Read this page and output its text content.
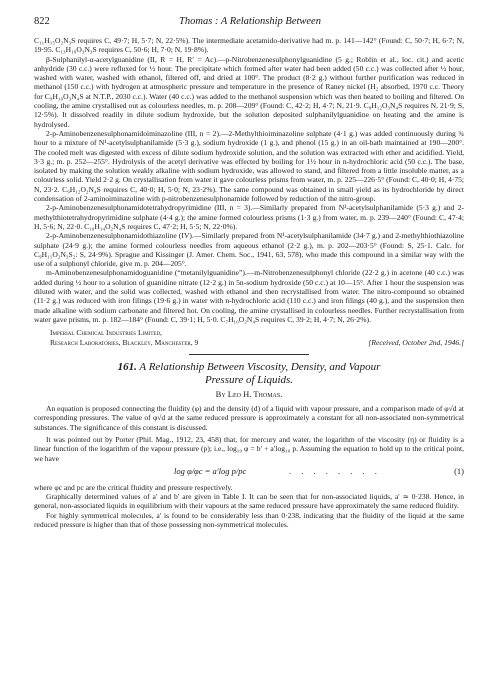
822	Thomas : A Relationship Between

C₁₁H₁₅O₂N₃S requires C, 49·7; H, 5·7; N, 22·5%). The intermediate acetamido-derivative had m. p. 141—142° (Found: C, 50·7; H, 6·7; N, 19·95. C₁₃H₁₉O₃N₃S requires C, 50·6; H, 7·0; N, 19·8%).

β-Sulphanilyl-α-acetylguanidine (II, R = H, R′ = Ac).—p-Nitrobenzenesulphonylguanidine (5 g.; Roblin et al., loc. cit.) and acetic anhydride (30 c.c.) were refluxed for ½ hour. The precipitate which formed after water had been added (50 c.c.) was collected after ½ hour, washed with water, washed with ethanol, filtered off, and dried at 100°. The product (8·2 g.) without further purification was reduced in methanol (150 c.c.) with hydrogen at atmospheric pressure and temperature in the presence of Raney nickel (H₂ absorbed, 1970 c.c. Theory for C₉H₁₀O₃N₄S at N.T.P., 2030 c.c.). Water (40 c.c.) was added to the methanol suspension which was then heated to boiling and filtered. On cooling, the amine crystallised out as colourless needles, m. p. 208—209° (Found: C, 42·2; H, 4·7; N, 21·9. C₉H₁₂O₃N₄S requires N, 21·9; S, 12·5%). It dissolved readily in dilute sodium hydroxide, but the solution deposited sulphanilylguanidine on heating and the amine is hydrolysed.

2-p-Aminobenzenesulphonamidoiminazoline (III, n = 2).—2-Methylthioiminazoline sulphate (4·1 g.) was added continuously during ¾ hour to a mixture of N¹-acetylsulphanilamide (5·3 g.), sodium hydroxide (1 g.), and phenol (15 g.) in an oil-bath maintained at 190—200°. The cooled melt was digested with excess of dilute sodium hydroxide solution, and the solution was extracted with ether and acidified. Yield, 3·3 g.; m. p. 252—255°. Hydrolysis of the acetyl derivative was effected by boiling for 1½ hour in n-hydrochloric acid (50 c.c.). The base, isolated by making the solution weakly alkaline with sodium hydroxide, was allowed to stand, and filtered from a little insoluble matter, as a colourless solid. Yield 2·2 g. On crystallisation from water it gave colourless prisms from water, m. p. 225—226·5° (Found: C, 40·0; H, 4·75; N, 23·2. C₉H₁₂O₂N₄S requires C, 40·0; H, 5·0; N, 23·2%). The same compound was obtained in small yield as its hydrochloride by direct condensation of 2-aminoiminazoline with p-nitrobenzenesulphonamide followed by reduction of the nitro-group.

2-p-Aminobenzenesulphonamidotetrahydropyrimidine (III, n = 3).—Similarly prepared from N¹-acetylsulphanilamide (5·3 g.) and 2-methylthiotetrahydropyrimidine sulphate (4·4 g.); the amine formed colourless prisms (1·3 g.) from water, m. p. 239—240° (Found: C, 47·4; H, 5·6; N, 22·0. C₁₀H₁₄O₂N₄S requires C, 47·2; H, 5·5; N, 22·0%).

2-p-Aminobenzenesulphonamidothiazoline (IV).—Similarly prepared from N¹-acetylsulphanilamide (34·7 g.) and 2-methylthiothiazoline sulphate (24·9 g.); the amine formed colourless needles from aqueous ethanol (2·2 g.), m. p. 202—203·5° (Found: S, 25·1. Calc. for C₉H₁₁O₂N₃S₂: S, 24·9%). Sprague and Kissinger (J. Amer. Chem. Soc., 1941, 63, 578), who made this compound in a similar way with the use of a sulphonyl chloride, give m. p. 204—205°.

m-Aminobenzenesulphonamidoguanidine (“metanilylguanidine”).—m-Nitrobenzenesulphonyl chloride (22·2 g.) in acetone (40 c.c.) was added during ½ hour to a solution of guanidine nitrate (12·2 g.) in 5n-sodium hydroxide (50 c.c.) at 10—15°. After 1 hour the suspension was diluted with water, and the solid was collected, washed with ethanol and then recrystallised from water. The nitro-compound so obtained (11·2 g.) was reduced with iron filings (19·6 g.) in water with n-hydrochloric acid (110 c.c.) and iron filings (40 g.), and the suspension then made alkaline with sodium carbonate and filtered hot. On cooling, the amine crystallised in colourless needles. Further recrystallisation from water gave prisms, m. p. 182—184° (Found: C, 39·1; H, 5·0. C₇H₁₀O₂N₄S requires C, 39·2; H, 4·7; N, 26·2%).

Imperial Chemical Industries Limited,
Research Laboratories, Blackley, Manchester, 9	[Received, October 2nd, 1946.]
161. A Relationship Between Viscosity, Density, and Vapour
Pressure of Liquids.
By Leo H. Thomas.

An equation is proposed connecting the fluidity (φ) and the density (d) of a liquid with vapour pressure, and a comparison made of φ√d at corresponding pressures. The value of φ√d at the same reduced pressure is approximately a constant for all non-associated non-symmetrical substances. The significance of this constant is discussed.

It was pointed out by Porter (Phil. Mag., 1912, 23, 458) that, for mercury and water, the logarithm of the viscosity (η) or fluidity is a linear function of the logarithm of the vapour pressure (p); i.e., log₁₀ φ = b′ + a′log₁₀ p. Assuming the equation to hold up to the critical point, we have

log φ/φc = a′log p/pc	. . . . . . . .	(1)

where φc and pc are the critical fluidity and pressure respectively.

Graphically determined values of a′ and b′ are given in Table I. It can be seen that for non-associated liquids, a′ ≃ 0·238. Hence, in general, non-associated liquids in equilibrium with their vapours at the same reduced pressure have approximately the same reduced fluidity.

For highly symmetrical molecules, a′ is found to be considerably less than 0·238, indicating that the fluidity of the liquid at the same reduced pressure is higher than that of those possessing non-symmetrical molecules.
